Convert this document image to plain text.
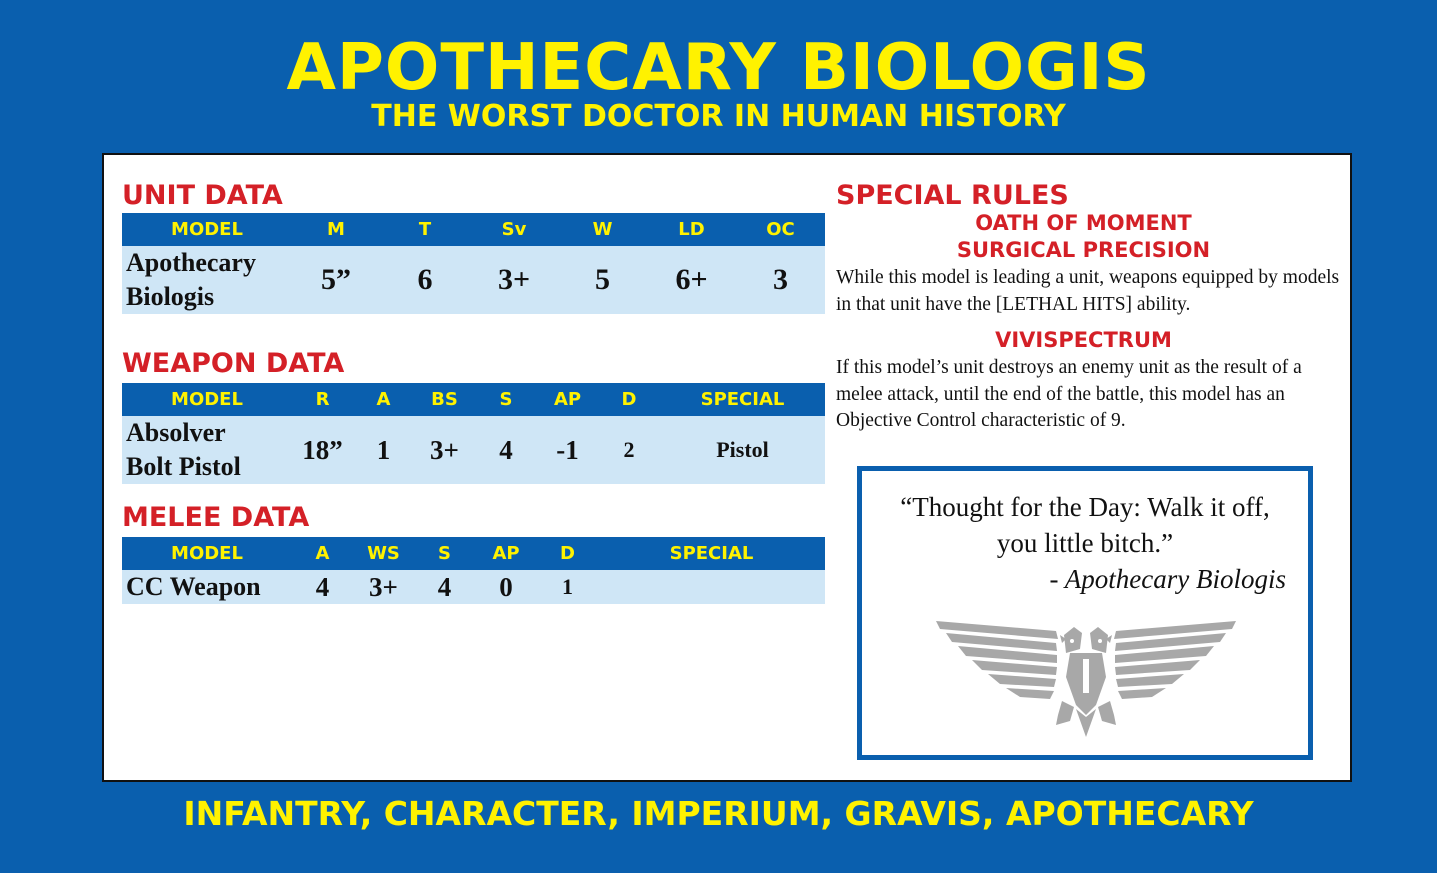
APOTHECARY BIOLOGIS
THE WORST DOCTOR IN HUMAN HISTORY
UNIT DATA
MODEL	M	T	Sv	W	LD	OC

Apothecary
Biologis	5”	6	3+	5	6+	3
WEAPON DATA
MODEL	R	A	BS	S	AP	D	SPECIAL

Absolver
Bolt Pistol	18”	1	3+	4	-1	2	Pistol
MELEE DATA
MODEL	A	WS	S	AP	D	SPECIAL
CC Weapon	4	3+	4	0	1	
SPECIAL RULES
OATH OF MOMENT
SURGICAL PRECISION
While this model is leading a unit, weapons equipped by models in that unit have the [LETHAL HITS] ability.
VIVISPECTRUM
If this model’s unit destroys an enemy unit as the result of a melee attack, until the end of the battle, this model has an Objective Control characteristic of 9.
“Thought for the Day: Walk it off,
you little bitch.”
- Apothecary Biologis
INFANTRY, CHARACTER, IMPERIUM, GRAVIS, APOTHECARY
